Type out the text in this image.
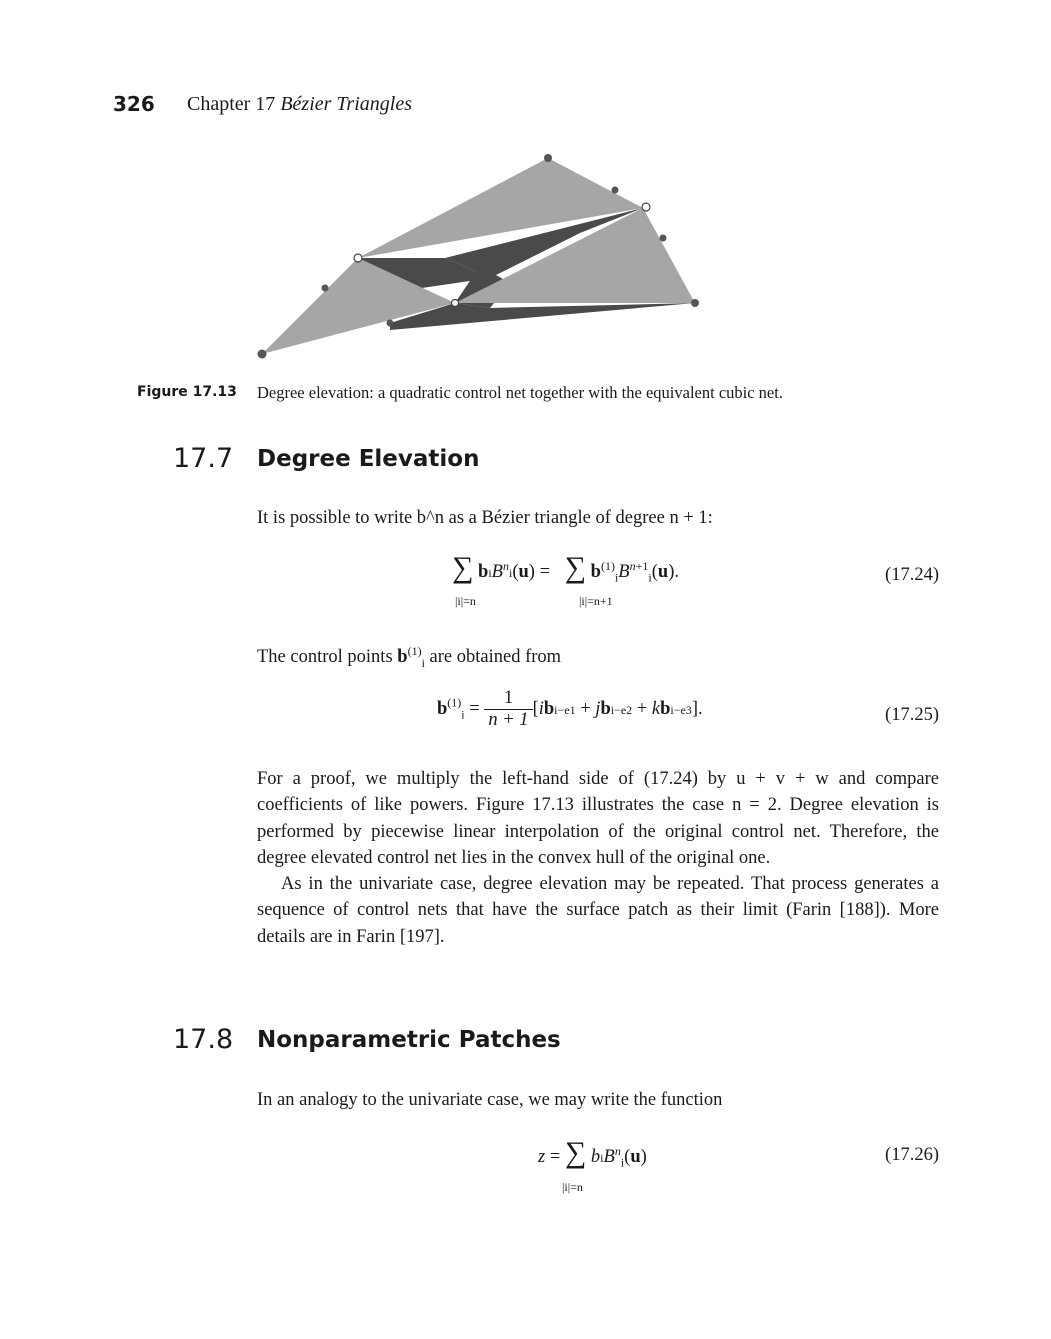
326 Chapter 17 Bézier Triangles
Figure 17.13 Degree elevation: a quadratic control net together with the equivalent cubic net.
17.7 Degree Elevation

It is possible to write b^n as a Bézier triangle of degree n + 1:

∑ biB$^n$i(u) = ∑ $b^{(1)}_iB^{n+1}_i(u)$.
|i|=n	|i|=n+1
(17.24)
The control points $b^{(1)}_i$ are obtained from
$b^{(1)}_i = \frac{1}{n + 1} [ibi-e1 + jbi-e2 + kbi-e3]$.	(17.25)

For a proof, we multiply the left-hand side of (17.24) by u + v + w and compare coefficients of like powers. Figure 17.13 illustrates the case n = 2. Degree elevation is performed by piecewise linear interpolation of the original control net. Therefore, the degree elevated control net lies in the convex hull of the original one.

As in the univariate case, degree elevation may be repeated. That process generates a sequence of control nets that have the surface patch as their limit (Farin [188]). More details are in Farin [197].

17.8 Nonparametric Patches

In an analogy to the univariate case, we may write the function

z = ∑ biB$^n_i$(u)
|i|=n
(17.26)
